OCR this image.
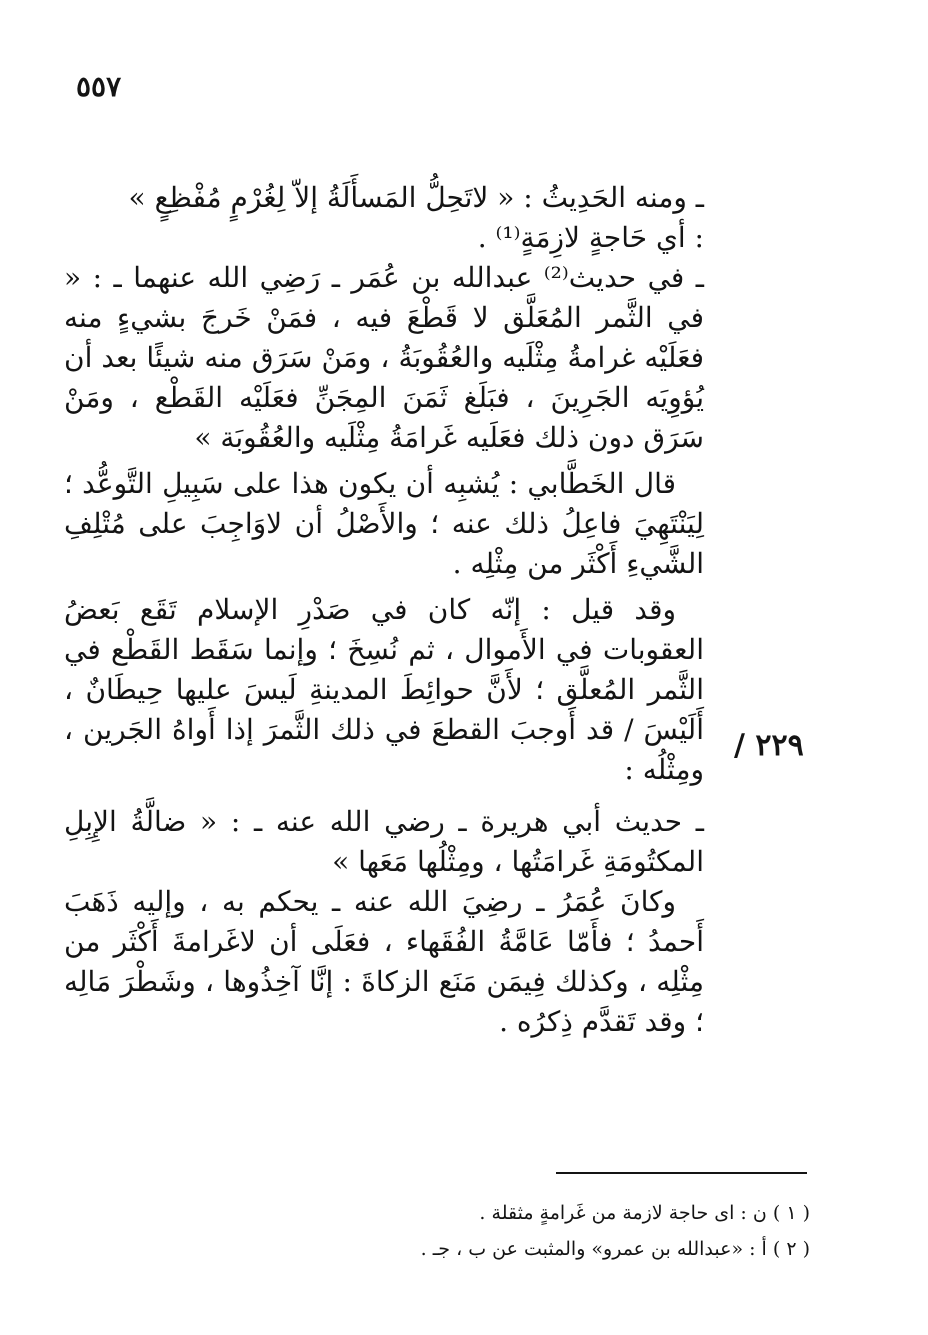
٥٥٧

ـ ومنه الحَدِيثُ : « لاتَحِلُّ المَسأَلَةُ إلاّ لِغُرْمٍ مُفْظِعٍ »

: أي حَاجةٍ لازِمَةٍ⁽¹⁾ .

ـ في حديث⁽²⁾ عبدالله بن عُمَر ـ رَضِي الله عنهما ـ : « في الثَّمر المُعَلَّق لا قَطْعَ فيه ، فمَنْ خَرجَ بشيءٍ منه فعَلَيْه غرامةُ مِثْلَيه والعُقُوبَةُ ، ومَنْ سَرَق منه شيئًا بعد أن يُؤوِيَه الجَرِينَ ، فبَلَغ ثَمَنَ المِجَنِّ فعَلَيْه القَطْع ، ومَنْ سَرَق دون ذلك فعَلَيه غَرامَةُ مِثْلَيه والعُقُوبَة »

قال الخَطَّابي : يُشبِه أن يكون هذا على سَبِيلِ التَّوعُّد ؛ لِيَنْتَهِيَ فاعِلُ ذلك عنه ؛ والأَصْلُ أن لاوَاجِبَ على مُتْلِفِ الشَّيءِ أَكْثَر من مِثْلِه .

وقد قيل : إنّه كان في صَدْرِ الإسلام تَقَع بَعضُ العقوبات في الأَموال ، ثم نُسِخَ ؛ وإنما سَقَط القَطْع في الثَّمر المُعلَّق ؛ لأَنَّ حوائِطَ المدينةِ لَيسَ عليها حِيطَانٌ ، أَلَيْسَ / قد أَوجبَ القطعَ في ذلك الثَّمرَ إذا أَواهُ الجَرين ، ومِثْلُه :

ـ حديث أبي هريرة ـ رضي الله عنه ـ : « ضالَّةُ الإِبِلِ المكتُومَةِ غَرامَتُها ، ومِثْلُها مَعَها »

وكانَ عُمَرُ ـ رضِيَ الله عنه ـ يحكم به ، وإليه ذَهَبَ أَحمدُ ؛ فأَمّا عَامَّةُ الفُقَهاء ، فعَلَى أن لاغَرامةَ أَكْثَر من مِثْلِه ، وكذلك فِيمَن مَنَع الزكاةَ : إنَّا آخِذُوها ، وشَطْرَ مَالِه ؛ وقد تَقدَّم ذِكرُه .

٢٢٩ /

( ١ ) ن : اى حاجة لازمة من غَرامةٍ مثقلة .

( ٢ ) أ : «عبدالله بن عمرو» والمثبت عن ب ، جـ .
